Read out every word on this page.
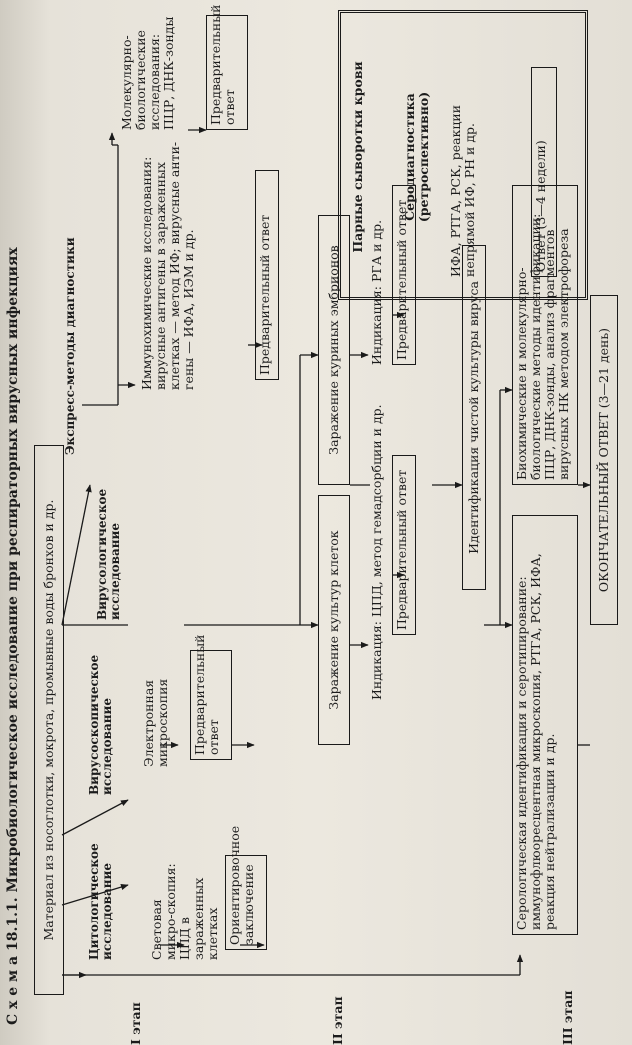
С х е м а 18.1.1. Микробиологическое исследование при респираторных вирусных инфекциях	I этап	II этап	III этап
Материал из носоглотки, мокрота, промывные воды бронхов и др.	Цитологическое исследование
Вирусоскопическое исследование
Вирусологическое исследование
Экспресс-методы диагностики
Световая микро-скопия: ЦПД в зараженных клетках Ориентировочное заключение
Электронная микроскопия Предварительный ответ
Иммунохимические исследования: вирусные антигены в зараженных клетках — метод ИФ; вирусные анти-гены — ИФА, ИЭМ и др.	Предварительный ответ
Молекулярно-биологические исследования: ПЦР, ДНК-зонды	Предварительный ответ
Заражение культур клеток
Заражение куриных эмбрионов
Индикация: ЦПД, метод гемадсорбции и др. Предварительный ответ
Индикация: РГА и др. Предварительный ответ
Идентификация чистой культуры вируса
Серологическая идентификация и серотипирование: иммунофлюоресцентная микроскопия, РТГА, РСК, ИФА, реакция нейтрализации и др.
Биохимические и молекулярно-биологические методы идентификации: ПЦР, ДНК-зонды, анализ фрагментов вирусных НК методом электрофореза ОКОНЧАТЕЛЬНЫЙ ОТВЕТ (3—21 день)
Парные сыворотки крови	Серодиагностика (ретроспективно) ИФА, РТГА, РСК, реакции непрямой ИФ, РН и др.	Ответ (3—4 недели)
